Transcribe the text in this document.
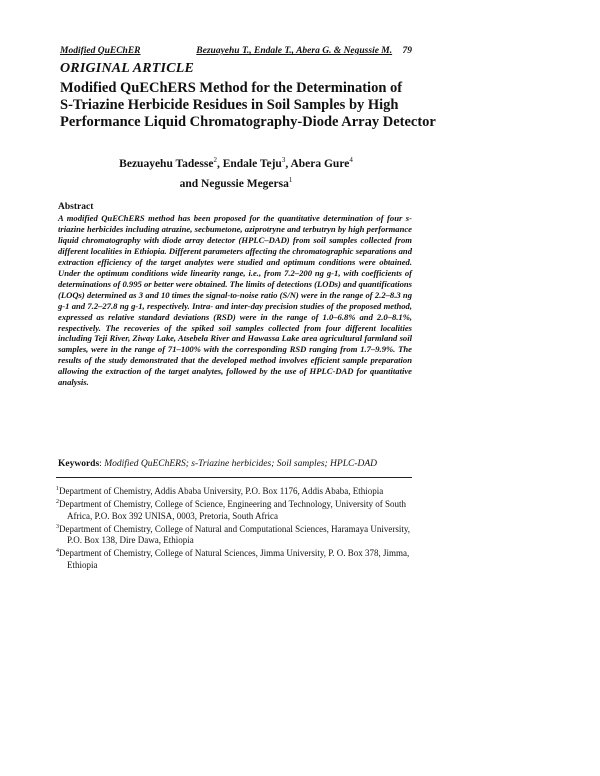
Modified QuEChER	Bezuayehu T., Endale T., Abera G. & Negussie M. 79
ORIGINAL ARTICLE
Modified QuEChERS Method for the Determination of
S-Triazine Herbicide Residues in Soil Samples by High
Performance Liquid Chromatography-Diode Array Detector
Bezuayehu Tadesse$^2$, Endale Teju$^3$, Abera Gure$^4$
and Negussie Megersa$^1$
Abstract

A modified QuEChERS method has been proposed for the quantitative determination of four s-triazine herbicides including atrazine, secbumetone, aziprotryne and terbutryn by high performance liquid chromatography with diode array detector (HPLC–DAD) from soil samples collected from different localities in Ethiopia. Different parameters affecting the chromatographic separations and extraction efficiency of the target analytes were studied and optimum conditions were obtained. Under the optimum conditions wide linearity range, i.e., from 7.2–200 ng g-1, with coefficients of determinations of 0.995 or better were obtained. The limits of detections (LODs) and quantifications (LOQs) determined as 3 and 10 times the signal-to-noise ratio (S/N) were in the range of 2.2–8.3 ng g-1 and 7.2–27.8 ng g-1, respectively. Intra- and inter-day precision studies of the proposed method, expressed as relative standard deviations (RSD) were in the range of 1.0–6.8% and 2.0–8.1%, respectively. The recoveries of the spiked soil samples collected from four different localities including Teji River, Ziway Lake, Atsebela River and Hawassa Lake area agricultural farmland soil samples, were in the range of 71–100% with the corresponding RSD ranging from 1.7–9.9%. The results of the study demonstrated that the developed method involves efficient sample preparation allowing the extraction of the target analytes, followed by the use of HPLC-DAD for quantitative analysis.

Keywords: Modified QuEChERS; s-Triazine herbicides; Soil samples; HPLC-DAD
$^1$Department of Chemistry, Addis Ababa University, P.O. Box 1176, Addis Ababa, Ethiopia
$^2$Department of Chemistry, College of Science, Engineering and Technology, University of South Africa, P.O. Box 392 UNISA, 0003, Pretoria, South Africa
$^3$Department of Chemistry, College of Natural and Computational Sciences, Haramaya University, P.O. Box 138, Dire Dawa, Ethiopia
$^4$Department of Chemistry, College of Natural Sciences, Jimma University, P. O. Box 378, Jimma, Ethiopia
